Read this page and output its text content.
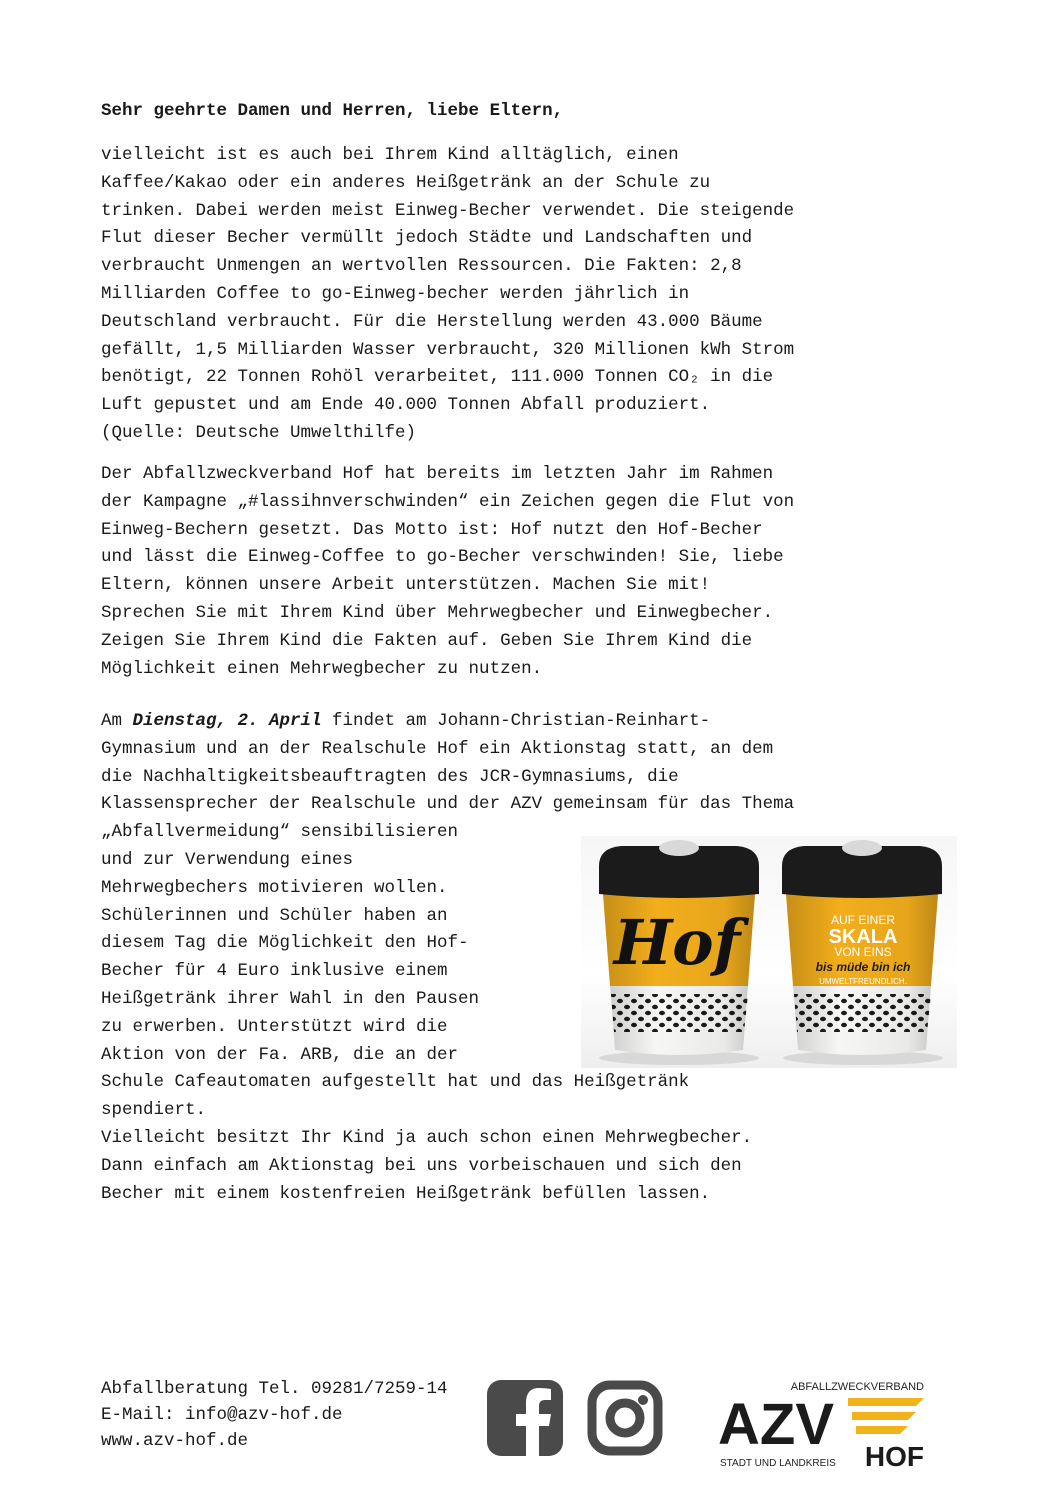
Sehr geehrte Damen und Herren, liebe Eltern,

vielleicht ist es auch bei Ihrem Kind alltäglich, einen
Kaffee/Kakao oder ein anderes Heißgetränk an der Schule zu
trinken. Dabei werden meist Einweg-Becher verwendet. Die steigende
Flut dieser Becher vermüllt jedoch Städte und Landschaften und
verbraucht Unmengen an wertvollen Ressourcen. Die Fakten: 2,8
Milliarden Coffee to go-Einweg-becher werden jährlich in
Deutschland verbraucht. Für die Herstellung werden 43.000 Bäume
gefällt, 1,5 Milliarden Wasser verbraucht, 320 Millionen kWh Strom
benötigt, 22 Tonnen Rohöl verarbeitet, 111.000 Tonnen CO₂ in die
Luft gepustet und am Ende 40.000 Tonnen Abfall produziert.
(Quelle: Deutsche Umwelthilfe)

Der Abfallzweckverband Hof hat bereits im letzten Jahr im Rahmen
der Kampagne „#lassihnverschwinden“ ein Zeichen gegen die Flut von
Einweg-Bechern gesetzt. Das Motto ist: Hof nutzt den Hof-Becher
und lässt die Einweg-Coffee to go-Becher verschwinden! Sie, liebe
Eltern, können unsere Arbeit unterstützen. Machen Sie mit!
Sprechen Sie mit Ihrem Kind über Mehrwegbecher und Einwegbecher.
Zeigen Sie Ihrem Kind die Fakten auf. Geben Sie Ihrem Kind die
Möglichkeit einen Mehrwegbecher zu nutzen.

Am Dienstag, 2. April findet am Johann-Christian-Reinhart-
Gymnasium und an der Realschule Hof ein Aktionstag statt, an dem
die Nachhaltigkeitsbeauftragten des JCR-Gymnasiums, die
Klassensprecher der Realschule und der AZV gemeinsam für das Thema
„Abfallvermeidung“ sensibilisieren
und zur Verwendung eines
Mehrwegbechers motivieren wollen.
Schülerinnen und Schüler haben an
diesem Tag die Möglichkeit den Hof-
Becher für 4 Euro inklusive einem
Heißgetränk ihrer Wahl in den Pausen
zu erwerben. Unterstützt wird die
Aktion von der Fa. ARB, die an der
Schule Cafeautomaten aufgestellt hat und das Heißgetränk
spendiert.
Vielleicht besitzt Ihr Kind ja auch schon einen Mehrwegbecher.
Dann einfach am Aktionstag bei uns vorbeischauen und sich den
Becher mit einem kostenfreien Heißgetränk befüllen lassen.

Hof	AUF EINER
SKALA
VON EINS
bis müde bin ich
UMWELTFREUNDLICH.
Abfallberatung Tel. 09281/7259-14
E-Mail: info@azv-hof.de
www.azv-hof.de
ABFALLZWECKVERBAND
AZV
STADT UND LANDKREIS HOF
